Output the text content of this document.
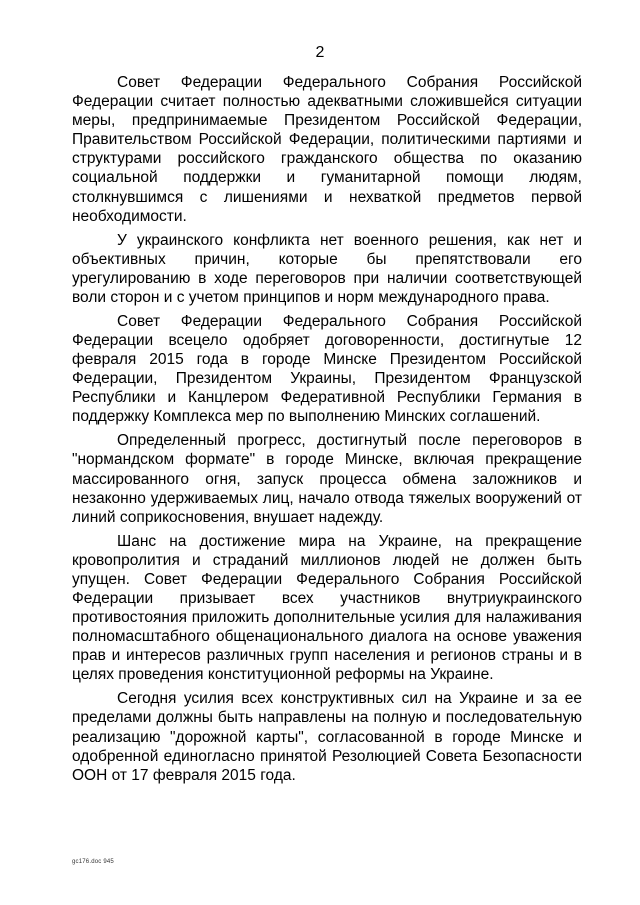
2

Совет Федерации Федерального Собрания Российской Федерации считает полностью адекватными сложившейся ситуации меры, предпринимаемые Президентом Российской Федерации, Правительством Российской Федерации, политическими партиями и структурами российского гражданского общества по оказанию социальной поддержки и гуманитарной помощи людям, столкнувшимся с лишениями и нехваткой предметов первой необходимости.

У украинского конфликта нет военного решения, как нет и объективных причин, которые бы препятствовали его урегулированию в ходе переговоров при наличии соответствующей воли сторон и с учетом принципов и норм международного права.

Совет Федерации Федерального Собрания Российской Федерации всецело одобряет договоренности, достигнутые 12 февраля 2015 года в городе Минске Президентом Российской Федерации, Президентом Украины, Президентом Французской Республики и Канцлером Федеративной Республики Германия в поддержку Комплекса мер по выполнению Минских соглашений.

Определенный прогресс, достигнутый после переговоров в "нормандском формате" в городе Минске, включая прекращение массированного огня, запуск процесса обмена заложников и незаконно удерживаемых лиц, начало отвода тяжелых вооружений от линий соприкосновения, внушает надежду.

Шанс на достижение мира на Украине, на прекращение кровопролития и страданий миллионов людей не должен быть упущен. Совет Федерации Федерального Собрания Российской Федерации призывает всех участников внутриукраинского противостояния приложить дополнительные усилия для налаживания полномасштабного общенационального диалога на основе уважения прав и интересов различных групп населения и регионов страны и в целях проведения конституционной реформы на Украине.

Сегодня усилия всех конструктивных сил на Украине и за ее пределами должны быть направлены на полную и последовательную реализацию "дорожной карты", согласованной в городе Минске и одобренной единогласно принятой Резолюцией Совета Безопасности ООН от 17 февраля 2015 года.

gc176.doc 945
